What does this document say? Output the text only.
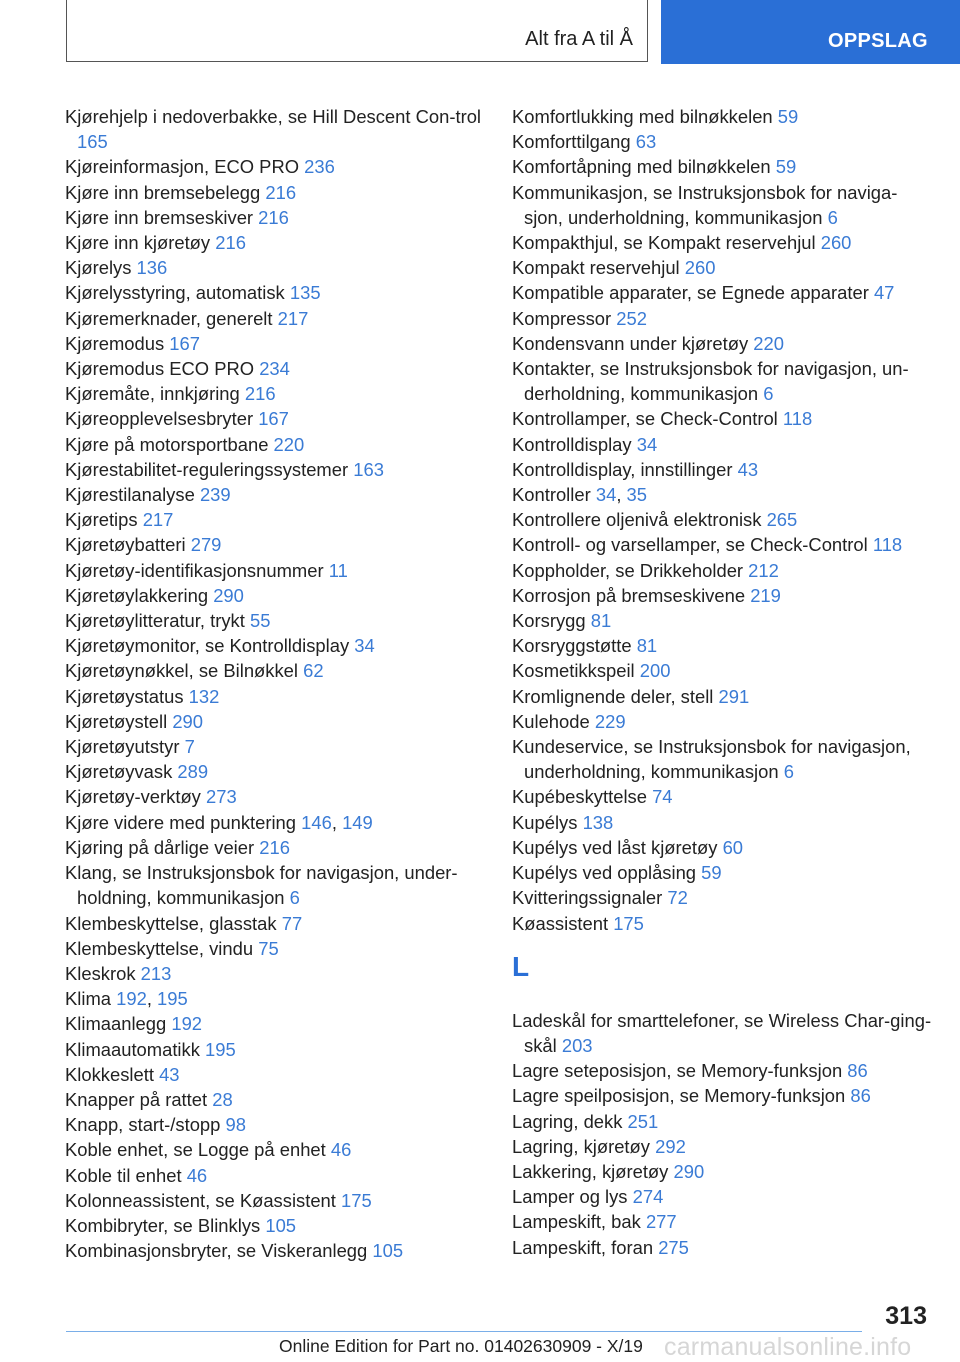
Alt fra A til Å	OPPSLAG
Kjørehjelp i nedoverbakke, se Hill Descent Con-trol 165
Kjøreinformasjon, ECO PRO 236
Kjøre inn bremsebelegg 216
Kjøre inn bremseskiver 216
Kjøre inn kjøretøy 216
Kjørelys 136
Kjørelysstyring, automatisk 135
Kjøremerknader, generelt 217
Kjøremodus 167
Kjøremodus ECO PRO 234
Kjøremåte, innkjøring 216
Kjøreopplevelsesbryter 167
Kjøre på motorsportbane 220
Kjørestabilitet-reguleringssystemer 163
Kjørestilanalyse 239
Kjøretips 217
Kjøretøybatteri 279
Kjøretøy-identifikasjonsnummer 11
Kjøretøylakkering 290
Kjøretøylitteratur, trykt 55
Kjøretøymonitor, se Kontrolldisplay 34
Kjøretøynøkkel, se Bilnøkkel 62
Kjøretøystatus 132
Kjøretøystell 290
Kjøretøyutstyr 7
Kjøretøyvask 289
Kjøretøy-verktøy 273
Kjøre videre med punktering 146, 149
Kjøring på dårlige veier 216
Klang, se Instruksjonsbok for navigasjon, under-holdning, kommunikasjon 6
Klembeskyttelse, glasstak 77
Klembeskyttelse, vindu 75
Kleskrok 213
Klima 192, 195
Klimaanlegg 192
Klimaautomatikk 195
Klokkeslett 43
Knapper på rattet 28
Knapp, start-/stopp 98
Koble enhet, se Logge på enhet 46
Koble til enhet 46
Kolonneassistent, se Køassistent 175
Kombibryter, se Blinklys 105
Kombinasjonsbryter, se Viskeranlegg 105
Komfortlukking med bilnøkkelen 59
Komforttilgang 63
Komfortåpning med bilnøkkelen 59
Kommunikasjon, se Instruksjonsbok for naviga-sjon, underholdning, kommunikasjon 6
Kompakthjul, se Kompakt reservehjul 260
Kompakt reservehjul 260
Kompatible apparater, se Egnede apparater 47
Kompressor 252
Kondensvann under kjøretøy 220
Kontakter, se Instruksjonsbok for navigasjon, un-derholdning, kommunikasjon 6
Kontrollamper, se Check-Control 118
Kontrolldisplay 34
Kontrolldisplay, innstillinger 43
Kontroller 34, 35
Kontrollere oljenivå elektronisk 265
Kontroll- og varsellamper, se Check-Control 118
Koppholder, se Drikkeholder 212
Korrosjon på bremseskivene 219
Korsrygg 81
Korsryggstøtte 81
Kosmetikkspeil 200
Kromlignende deler, stell 291
Kulehode 229
Kundeservice, se Instruksjonsbok for navigasjon, underholdning, kommunikasjon 6
Kupébeskyttelse 74
Kupélys 138
Kupélys ved låst kjøretøy 60
Kupélys ved opplåsing 59
Kvitteringssignaler 72
Køassistent 175
L
Ladeskål for smarttelefoner, se Wireless Char-ging-skål 203
Lagre seteposisjon, se Memory-funksjon 86
Lagre speilposisjon, se Memory-funksjon 86
Lagring, dekk 251
Lagring, kjøretøy 292
Lakkering, kjøretøy 290
Lamper og lys 274
Lampeskift, bak 277
Lampeskift, foran 275
313
Online Edition for Part no. 01402630909 - X/19 carmanualsonline.info
